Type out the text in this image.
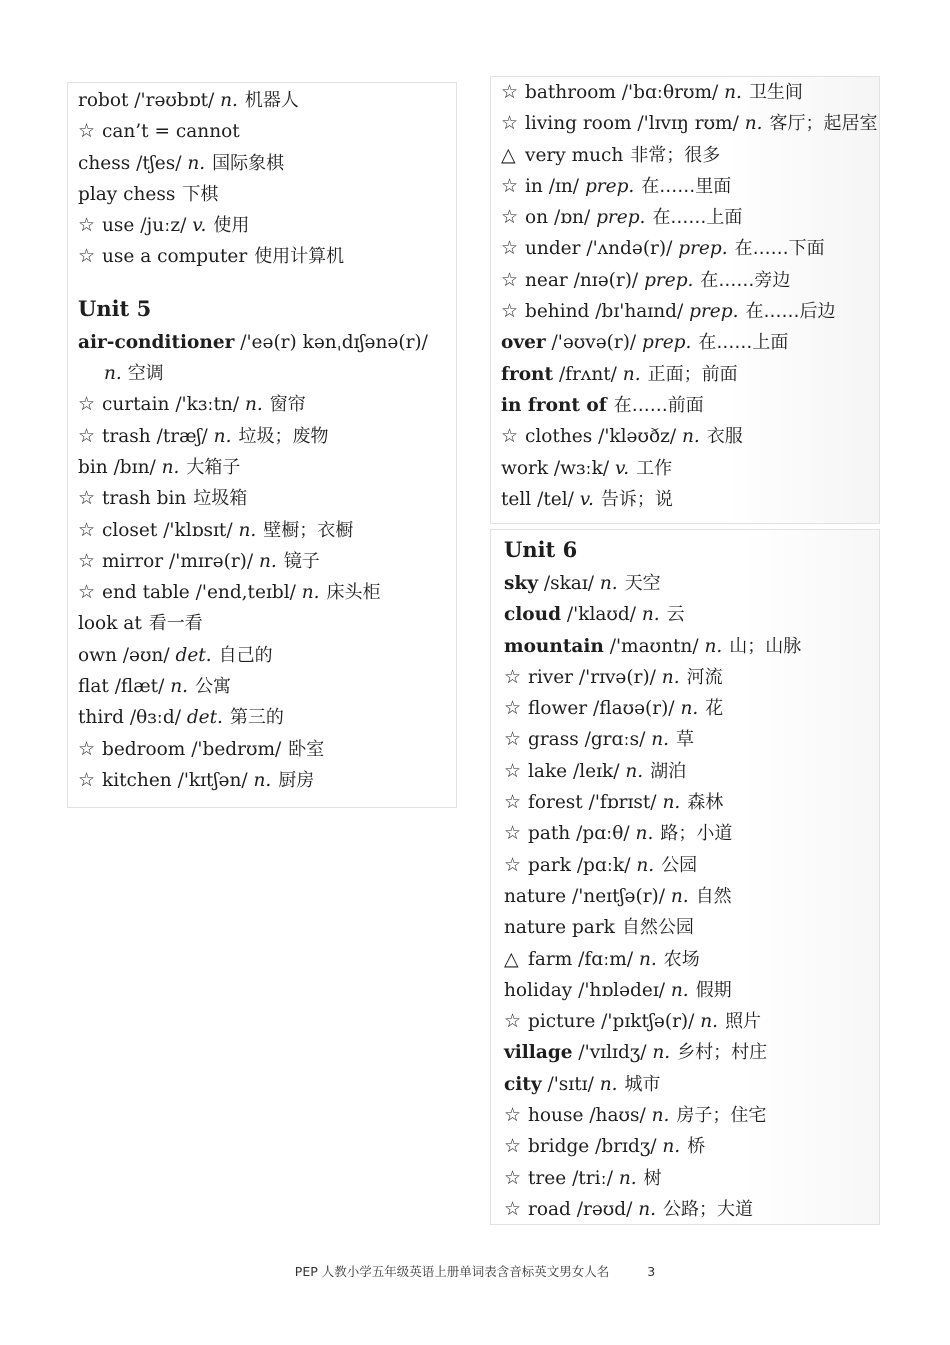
robot /'rəʊbɒt/ n. 机器人
☆ can’t = cannot
chess /tʃes/ n. 国际象棋
play chess 下棋
☆ use /juːz/ v. 使用
☆ use a computer 使用计算机
Unit 5
air-conditioner /'eə(r) kənˌdɪʃənə(r)/
n. 空调
☆ curtain /'kɜːtn/ n. 窗帘
☆ trash /træʃ/ n. 垃圾；废物
bin /bɪn/ n. 大箱子
☆ trash bin 垃圾箱
☆ closet /'klɒsɪt/ n. 壁橱；衣橱
☆ mirror /'mɪrə(r)/ n. 镜子
☆ end table /'end,teɪbl/ n. 床头柜
look at 看一看
own /əʊn/ det. 自己的
flat /flæt/ n. 公寓
third /θɜːd/ det. 第三的
☆ bedroom /'bedrʊm/ 卧室
☆ kitchen /'kɪtʃən/ n. 厨房
☆ bathroom /'bɑːθrʊm/ n. 卫生间
☆ living room /'lɪvɪŋ rʊm/ n. 客厅；起居室
△ very much 非常；很多
☆ in /ɪn/ prep. 在……里面
☆ on /ɒn/ prep. 在……上面
☆ under /'ʌndə(r)/ prep. 在……下面
☆ near /nɪə(r)/ prep. 在……旁边
☆ behind /bɪ'haɪnd/ prep. 在……后边
over /'əʊvə(r)/ prep. 在……上面
front /frʌnt/ n. 正面；前面
in front of 在……前面
☆ clothes /'kləʊðz/ n. 衣服
work /wɜːk/ v. 工作
tell /tel/ v. 告诉；说
Unit 6
sky /skaɪ/ n. 天空
cloud /'klaʊd/ n. 云
mountain /'maʊntn/ n. 山；山脉
☆ river /'rɪvə(r)/ n. 河流
☆ flower /flaʊə(r)/ n. 花
☆ grass /grɑːs/ n. 草
☆ lake /leɪk/ n. 湖泊
☆ forest /'fɒrɪst/ n. 森林
☆ path /pɑːθ/ n. 路；小道
☆ park /pɑːk/ n. 公园
nature /'neɪtʃə(r)/ n. 自然
nature park 自然公园
△ farm /fɑːm/ n. 农场
holiday /'hɒlədeɪ/ n. 假期
☆ picture /'pɪktʃə(r)/ n. 照片
village /'vɪlɪdʒ/ n. 乡村；村庄
city /'sɪtɪ/ n. 城市
☆ house /haʊs/ n. 房子；住宅
☆ bridge /brɪdʒ/ n. 桥
☆ tree /triː/ n. 树
☆ road /rəʊd/ n. 公路；大道
PEP 人教小学五年级英语上册单词表含音标英文男女人名	3
